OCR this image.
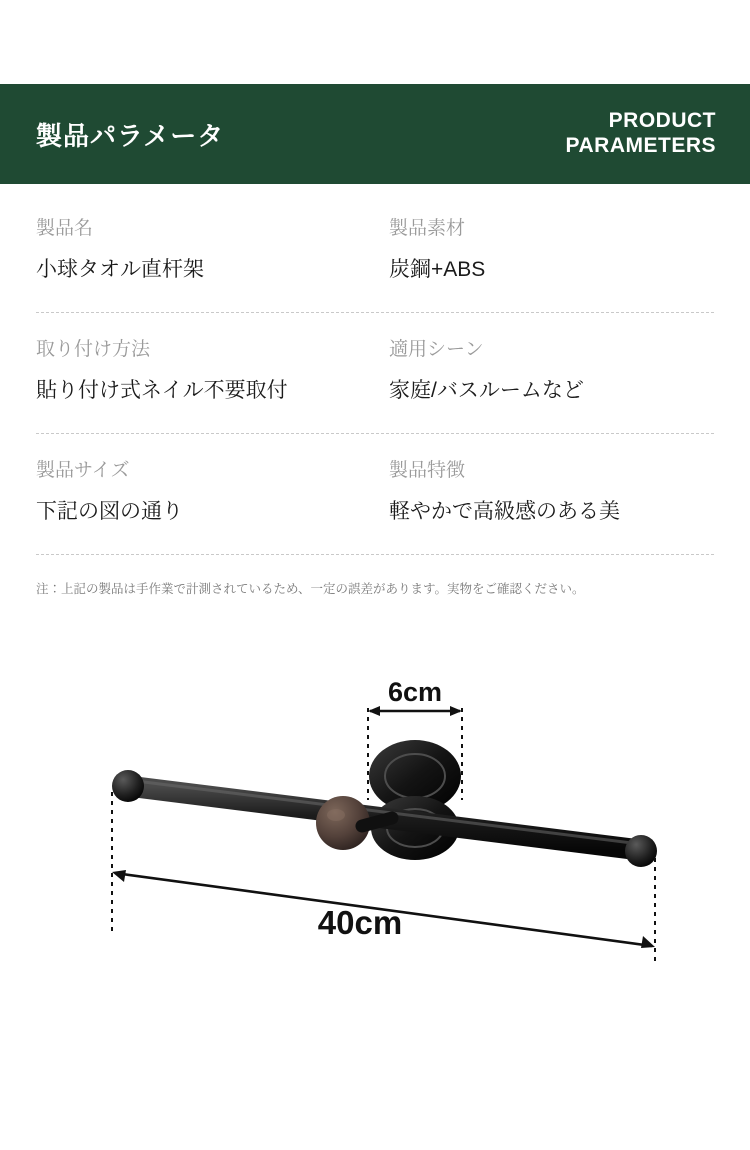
製品パラメータ	PRODUCT
PARAMETERS
製品名
小球タオル直杆架
製品素材
炭鋼+ABS
取り付け方法
貼り付け式ネイル不要取付
適用シーン
家庭/バスルームなど
製品サイズ
下記の図の通り
製品特徴
軽やかで高級感のある美
注：上記の製品は手作業で計測されているため、一定の誤差があります。実物をご確認ください。
6cm
40cm
